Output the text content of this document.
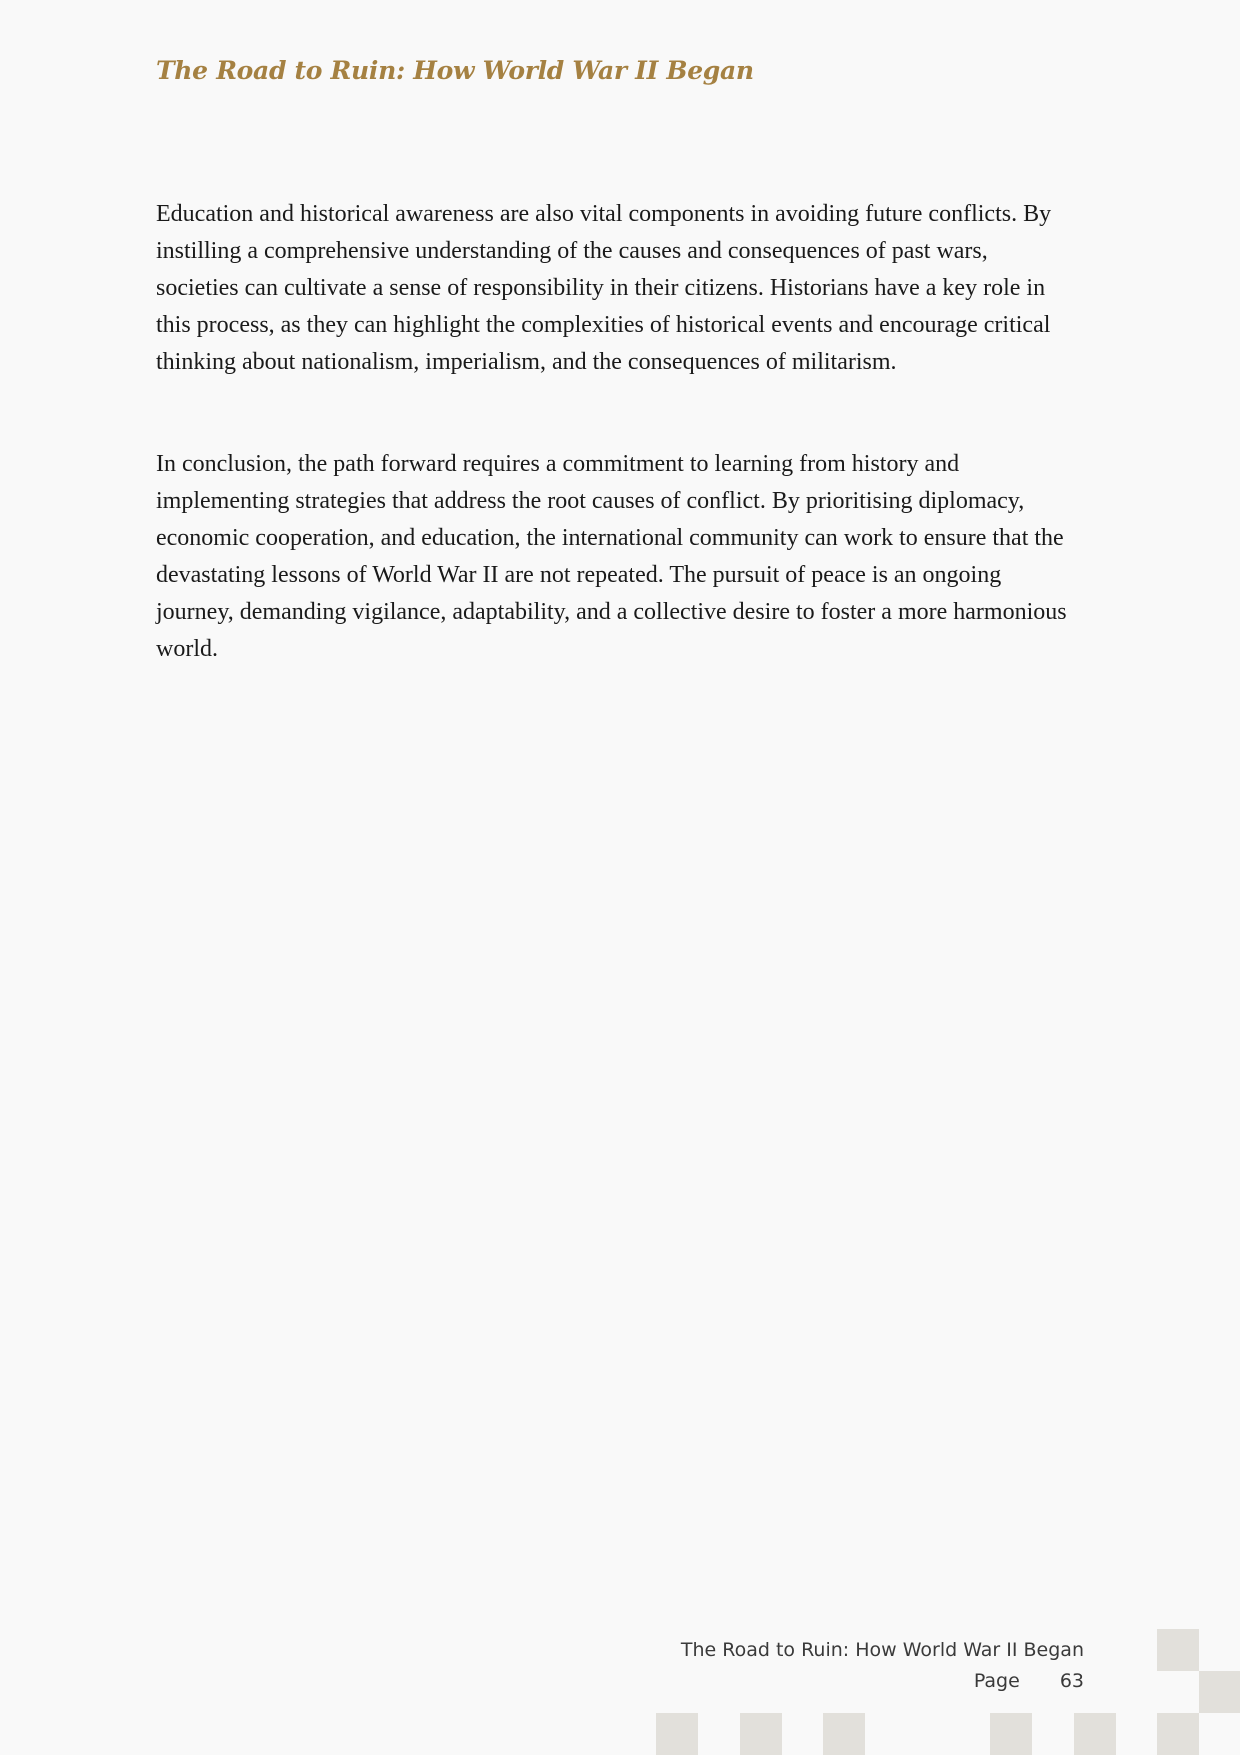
The Road to Ruin: How World War II Began

Education and historical awareness are also vital components in avoiding future conflicts. By instilling a comprehensive understanding of the causes and consequences of past wars, societies can cultivate a sense of responsibility in their citizens. Historians have a key role in this process, as they can highlight the complexities of historical events and encourage critical thinking about nationalism, imperialism, and the consequences of militarism.

In conclusion, the path forward requires a commitment to learning from history and implementing strategies that address the root causes of conflict. By prioritising diplomacy, economic cooperation, and education, the international community can work to ensure that the devastating lessons of World War II are not repeated. The pursuit of peace is an ongoing journey, demanding vigilance, adaptability, and a collective desire to foster a more harmonious world.

The Road to Ruin: How World War II Began
Page 63
